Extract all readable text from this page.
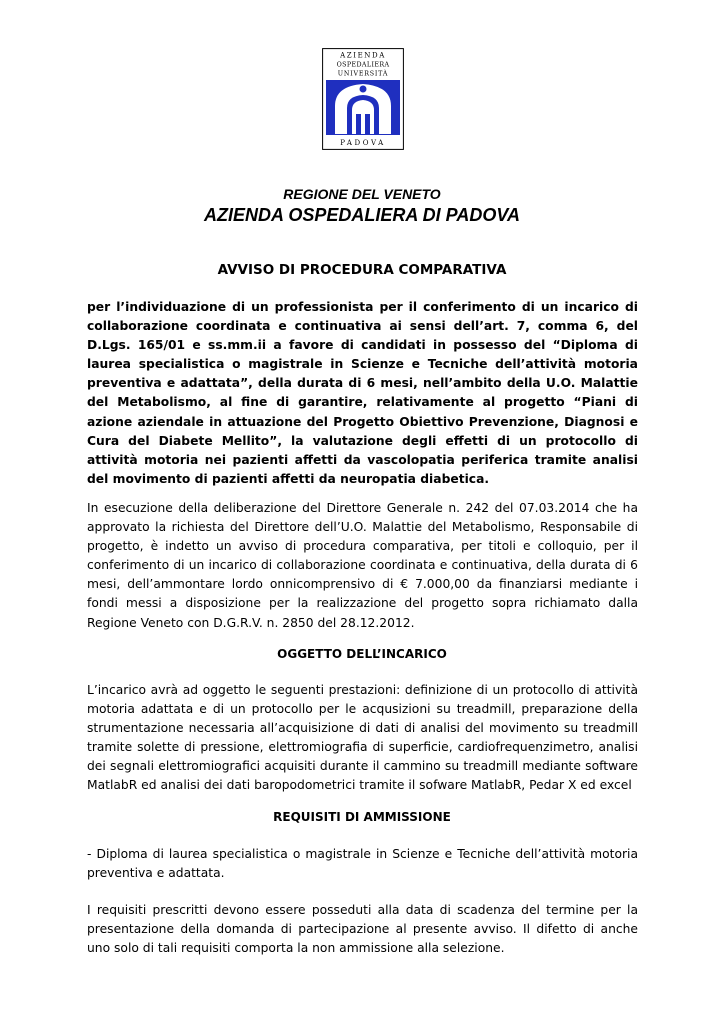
AZIENDA
OSPEDALIERA
UNIVERSITÀ
PADOVA
REGIONE DEL VENETO
AZIENDA OSPEDALIERA DI PADOVA
AVVISO DI PROCEDURA COMPARATIVA

per l’individuazione di un professionista per il conferimento di un incarico di collaborazione coordinata e continuativa ai sensi dell’art. 7, comma 6, del D.Lgs. 165/01 e ss.mm.ii a favore di candidati in possesso del “Diploma di laurea specialistica o magistrale in Scienze e Tecniche dell’attività motoria preventiva e adattata”, della durata di 6 mesi, nell’ambito della U.O. Malattie del Metabolismo, al fine di garantire, relativamente al progetto “Piani di azione aziendale in attuazione del Progetto Obiettivo Prevenzione, Diagnosi e Cura del Diabete Mellito”, la valutazione degli effetti di un protocollo di attività motoria nei pazienti affetti da vascolopatia periferica tramite analisi del movimento di pazienti affetti da neuropatia diabetica.

In esecuzione della deliberazione del Direttore Generale n. 242 del 07.03.2014 che ha approvato la richiesta del Direttore dell’U.O. Malattie del Metabolismo, Responsabile di progetto, è indetto un avviso di procedura comparativa, per titoli e colloquio, per il conferimento di un incarico di collaborazione coordinata e continuativa, della durata di 6 mesi, dell’ammontare lordo onnicomprensivo di € 7.000,00 da finanziarsi mediante i fondi messi a disposizione per la realizzazione del progetto sopra richiamato dalla Regione Veneto con D.G.R.V. n. 2850 del 28.12.2012.

OGGETTO DELL’INCARICO

L’incarico avrà ad oggetto le seguenti prestazioni: definizione di un protocollo di attività motoria adattata e di un protocollo per le acqusizioni su treadmill, preparazione della strumentazione necessaria all’acquisizione di dati di analisi del movimento su treadmill tramite solette di pressione, elettromiografia di superficie, cardiofrequenzimetro, analisi dei segnali elettromiografici acquisiti durante il cammino su treadmill mediante software MatlabR ed analisi dei dati baropodometrici tramite il sofware MatlabR, Pedar X ed excel

REQUISITI DI AMMISSIONE

- Diploma di laurea specialistica o magistrale in Scienze e Tecniche dell’attività motoria preventiva e adattata.

I requisiti prescritti devono essere posseduti alla data di scadenza del termine per la presentazione della domanda di partecipazione al presente avviso. Il difetto di anche uno solo di tali requisiti comporta la non ammissione alla selezione.
